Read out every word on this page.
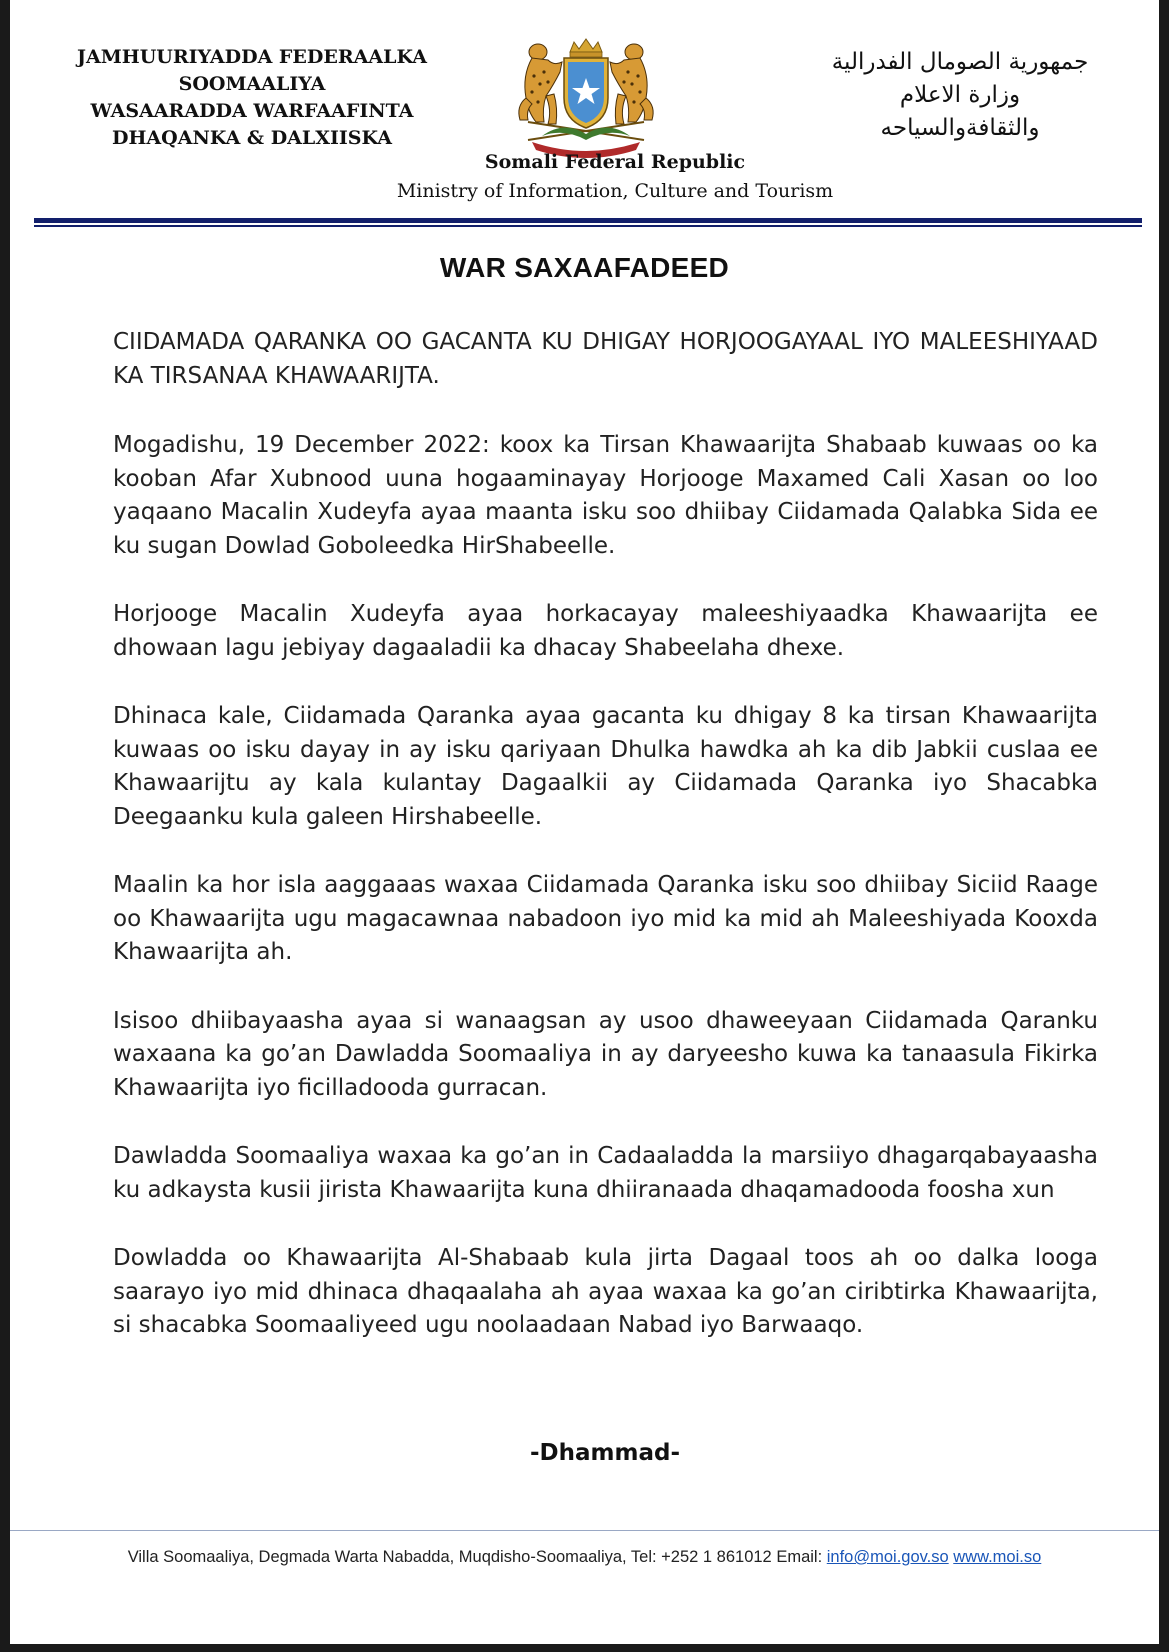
JAMHUURIYADDA FEDERAALKA
SOOMAALIYA
WASAARADDA WARFAAFINTA
DHAQANKA & DALXIISKA
جمهورية الصومال الفدرالية
وزارة الاعلام
والثقافةوالسياحه
Somali Federal Republic
Ministry of Information, Culture and Tourism
WAR SAXAAFADEED

CIIDAMADA QARANKA OO GACANTA KU DHIGAY HORJOOGAYAAL IYO MALEESHIYAAD KA TIRSANAA KHAWAARIJTA.

Mogadishu, 19 December 2022: koox ka Tirsan Khawaarijta Shabaab kuwaas oo ka kooban Afar Xubnood uuna hogaaminayay Horjooge Maxamed Cali Xasan oo loo yaqaano Macalin Xudeyfa ayaa maanta isku soo dhiibay Ciidamada Qalabka Sida ee ku sugan Dowlad Goboleedka HirShabeelle.

Horjooge Macalin Xudeyfa ayaa horkacayay maleeshiyaadka Khawaarijta ee dhowaan lagu jebiyay dagaaladii ka dhacay Shabeelaha dhexe.

Dhinaca kale, Ciidamada Qaranka ayaa gacanta ku dhigay 8 ka tirsan Khawaarijta kuwaas oo isku dayay in ay isku qariyaan Dhulka hawdka ah ka dib Jabkii cuslaa ee Khawaarijtu ay kala kulantay Dagaalkii ay Ciidamada Qaranka iyo Shacabka Deegaanku kula galeen Hirshabeelle.

Maalin ka hor isla aaggaaas waxaa Ciidamada Qaranka isku soo dhiibay Siciid Raage oo Khawaarijta ugu magacawnaa nabadoon iyo mid ka mid ah Maleeshiyada Kooxda Khawaarijta ah.

Isisoo dhiibayaasha ayaa si wanaagsan ay usoo dhaweeyaan Ciidamada Qaranku waxaana ka go’an Dawladda Soomaaliya in ay daryeesho kuwa ka tanaasula Fikirka Khawaarijta iyo ficilladooda gurracan.

Dawladda Soomaaliya waxaa ka go’an in Cadaaladda la marsiiyo dhagarqabayaasha ku adkaysta kusii jirista Khawaarijta kuna dhiiranaada dhaqamadooda foosha xun

Dowladda oo Khawaarijta Al-Shabaab kula jirta Dagaal toos ah oo dalka looga saarayo iyo mid dhinaca dhaqaalaha ah ayaa waxaa ka go’an ciribtirka Khawaarijta, si shacabka Soomaaliyeed ugu noolaadaan Nabad iyo Barwaaqo.

-Dhammad-
Villa Soomaaliya, Degmada Warta Nabadda, Muqdisho-Soomaaliya, Tel: +252 1 861012 Email: info@moi.gov.so www.moi.so
